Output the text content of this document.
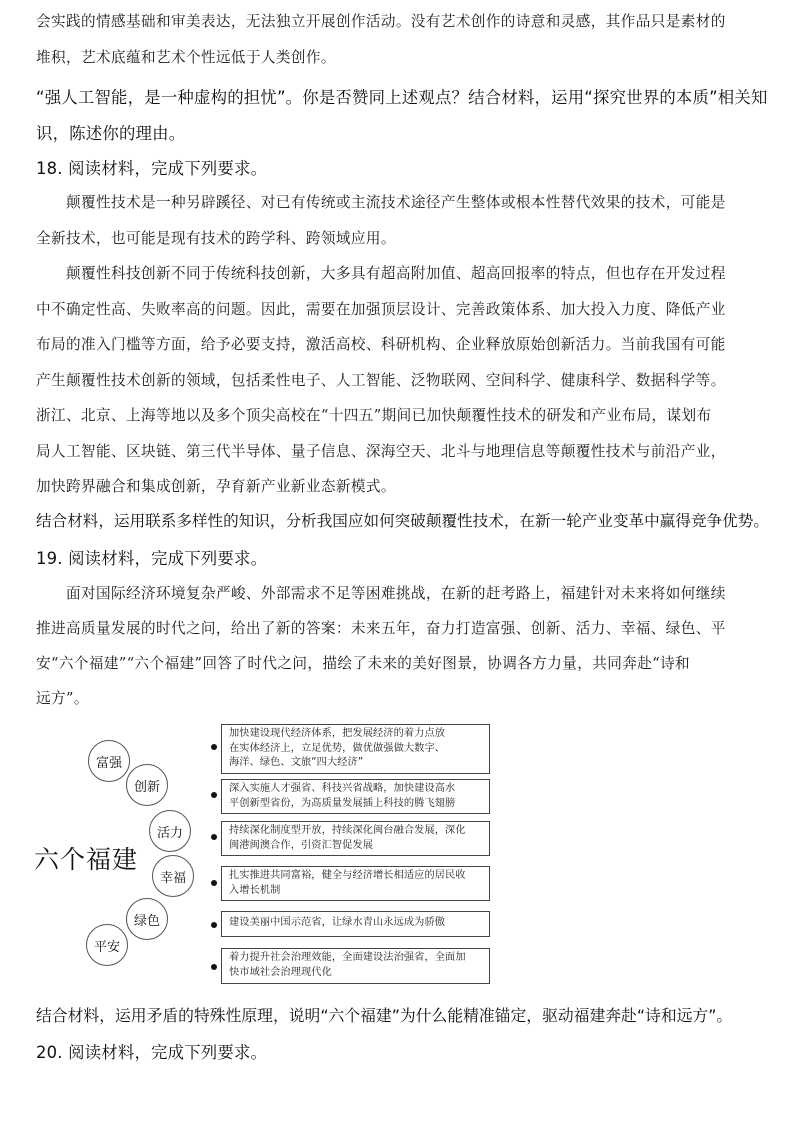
会实践的情感基础和审美表达，无法独立开展创作活动。没有艺术创作的诗意和灵感，其作品只是素材的
堆积，艺术底蕴和艺术个性远低于人类创作。
“强人工智能，是一种虚构的担忧”。你是否赞同上述观点？结合材料，运用“探究世界的本质”相关知
识，陈述你的理由。
18. 阅读材料，完成下列要求。
颠覆性技术是一种另辟蹊径、对已有传统或主流技术途径产生整体或根本性替代效果的技术，可能是
全新技术，也可能是现有技术的跨学科、跨领域应用。
颠覆性科技创新不同于传统科技创新，大多具有超高附加值、超高回报率的特点，但也存在开发过程
中不确定性高、失败率高的问题。因此，需要在加强顶层设计、完善政策体系、加大投入力度、降低产业
布局的准入门槛等方面，给予必要支持，激活高校、科研机构、企业释放原始创新活力。当前我国有可能
产生颠覆性技术创新的领域，包括柔性电子、人工智能、泛物联网、空间科学、健康科学、数据科学等。
浙江、北京、上海等地以及多个顶尖高校在“十四五”期间已加快颠覆性技术的研发和产业布局，谋划布
局人工智能、区块链、第三代半导体、量子信息、深海空天、北斗与地理信息等颠覆性技术与前沿产业，
加快跨界融合和集成创新，孕育新产业新业态新模式。
结合材料，运用联系多样性的知识，分析我国应如何突破颠覆性技术，在新一轮产业变革中赢得竞争优势。
19. 阅读材料，完成下列要求。
面对国际经济环境复杂严峻、外部需求不足等困难挑战，在新的赶考路上，福建针对未来将如何继续
推进高质量发展的时代之问，给出了新的答案：未来五年，奋力打造富强、创新、活力、幸福、绿色、平
安“六个福建”“六个福建”回答了时代之问，描绘了未来的美好图景，协调各方力量，共同奔赴“诗和
远方”。
六个福建
富强
创新
活力
幸福
绿色
平安
加快建设现代经济体系，把发展经济的着力点放
在实体经济上，立足优势，做优做强做大数字、
海洋、绿色、文旅“四大经济”
深入实施人才强省、科技兴省战略，加快建设高水
平创新型省份，为高质量发展插上科技的腾飞翅膀
持续深化制度型开放，持续深化闽台融合发展，深化
闽港闽澳合作，引资汇智促发展
扎实推进共同富裕，健全与经济增长相适应的居民收
入增长机制
建设美丽中国示范省，让绿水青山永远成为骄傲
着力提升社会治理效能，全面建设法治强省，全面加
快市域社会治理现代化
结合材料，运用矛盾的特殊性原理，说明“六个福建”为什么能精准锚定，驱动福建奔赴“诗和远方”。
20. 阅读材料，完成下列要求。
